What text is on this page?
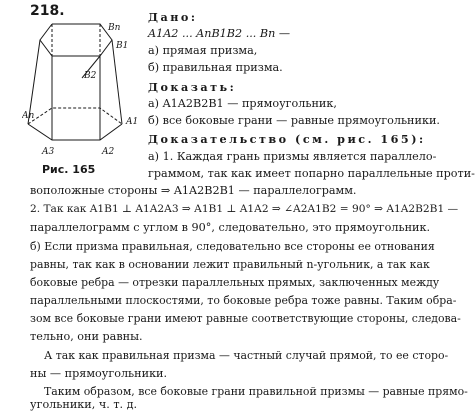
218.
Bn
B1
B2
An
A1
A2
A3
Рис. 165
Дано:
A1A2 ... AnB1B2 ... Bn —
а) прямая призма,
б) правильная призма.
Доказать:
а) A1A2B2B1 — прямоугольник,
б) все боковые грани — равные прямоугольники.
Доказательство (см. рис. 165):
а) 1. Каждая грань призмы является параллело-
граммом, так как имеет попарно параллельные проти-
воположные стороны ⇒ A1A2B2B1 — параллелограмм.
2. Так как A1B1 ⊥ A1A2A3 ⇒ A1B1 ⊥ A1A2 ⇒ ∠A2A1B2 = 90° ⇒ A1A2B2B1 —
параллелограмм с углом в 90°, следовательно, это прямоугольник.
б) Если призма правильная, следовательно все стороны ее отнования
равны, так как в основании лежит правильный n-угольник, а так как
боковые ребра — отрезки параллельных прямых, заключенных между
параллельными плоскостями, то боковые ребра тоже равны. Таким обра-
зом все боковые грани имеют равные соответствующие стороны, следова-
тельно, они равны.
А так как правильная призма — частный случай прямой, то ее сторо-
ны — прямоугольники.
Таким образом, все боковые грани правильной призмы — равные прямо-
угольники, ч. т. д.
